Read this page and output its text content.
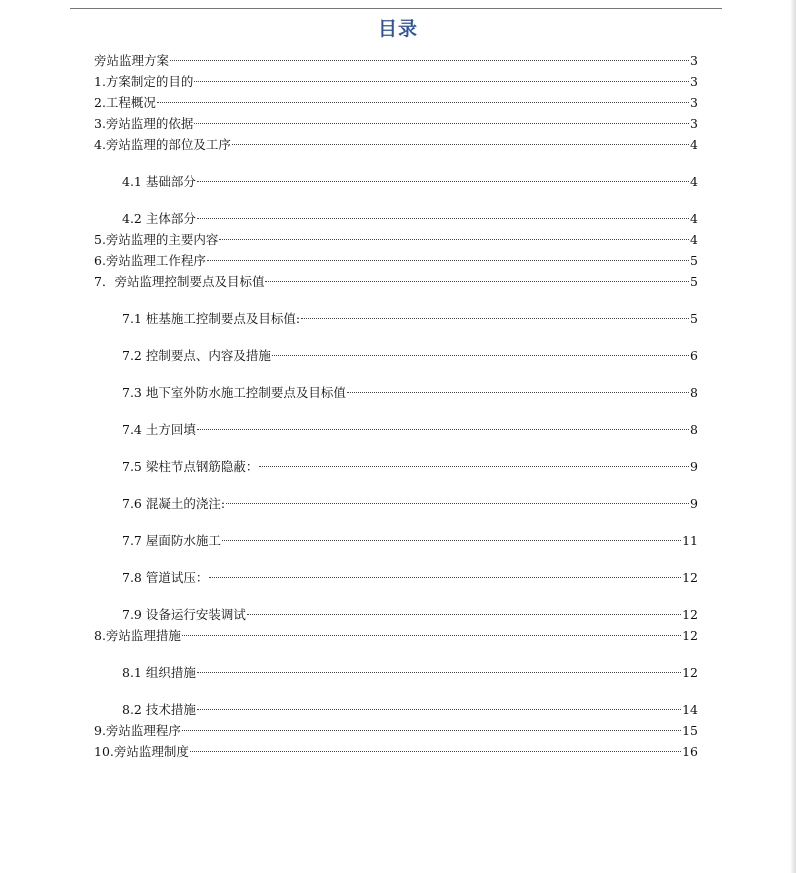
目录
旁站监理方案	3
1.方案制定的目的	3
2.工程概况	3
3.旁站监理的依据	3
4.旁站监理的部位及工序	4
4.1 基础部分	4
4.2 主体部分	4
5.旁站监理的主要内容	4
6.旁站监理工作程序	5
7．旁站监理控制要点及目标值	5
7.1 桩基施工控制要点及目标值:	5
7.2 控制要点、内容及措施	6
7.3 地下室外防水施工控制要点及目标值	8
7.4 土方回填	8
7.5 梁柱节点钢筋隐蔽：	9
7.6 混凝土的浇注:	9
7.7 屋面防水施工	11
7.8 管道试压：	12
7.9 设备运行安装调试	12
8.旁站监理措施	12
8.1 组织措施	12
8.2 技术措施	14
9.旁站监理程序	15
10.旁站监理制度	16
